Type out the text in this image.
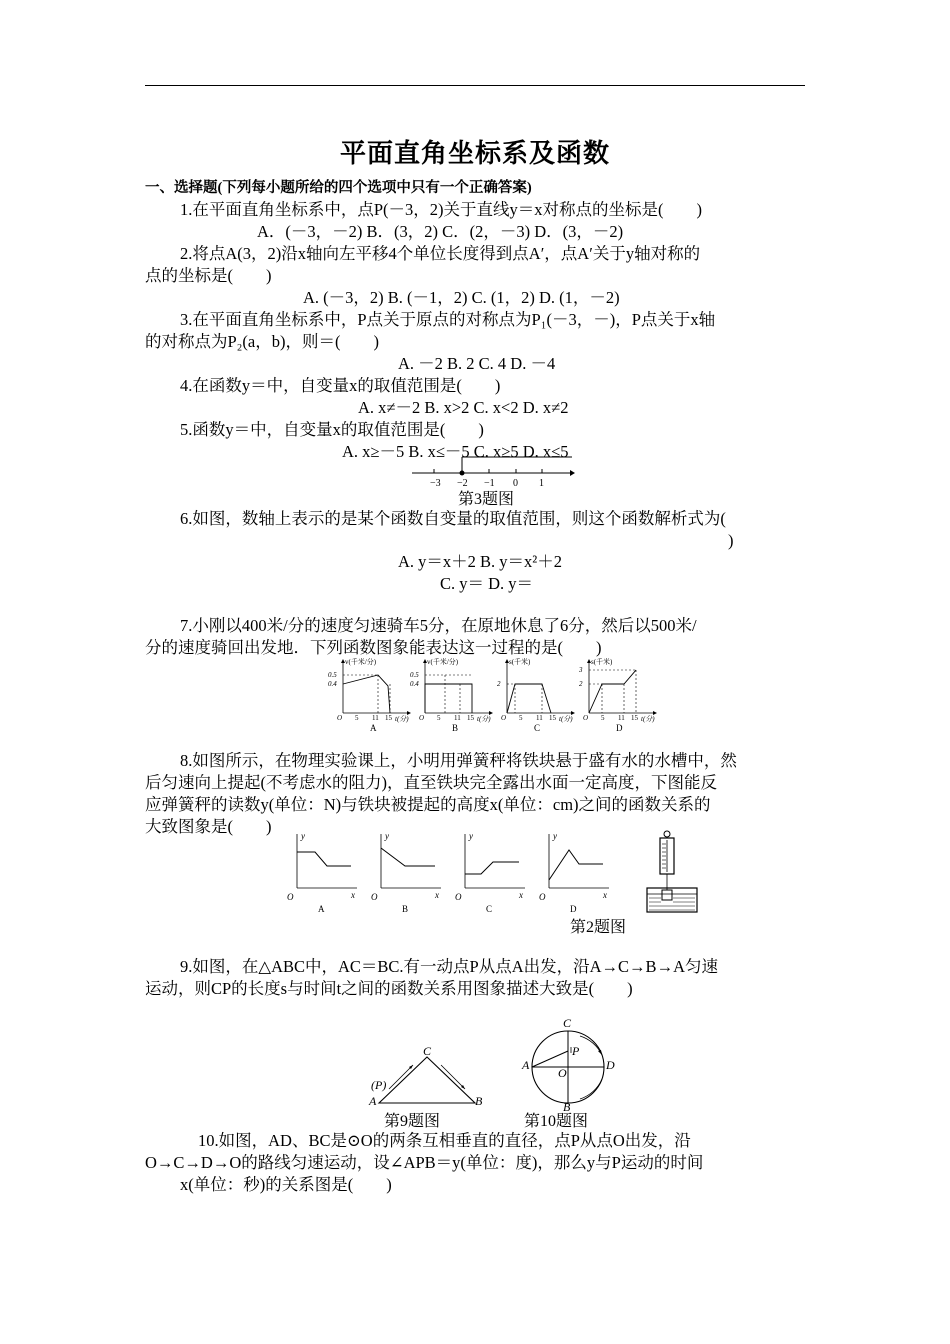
平面直角坐标系及函数
一、选择题(下列每小题所给的四个选项中只有一个正确答案)
1.在平面直角坐标系中，点P(－3，2)关于直线y＝x对称点的坐标是(　　)
A．(－3，－2) B．(3，2) C．(2，－3) D．(3，－2)
2.将点A(3，2)沿x轴向左平移4个单位长度得到点A′，点A′关于y轴对称的
点的坐标是(　　)
A. (－3，2) B. (－1，2) C. (1，2) D. (1，－2)
3.在平面直角坐标系中，P点关于原点的对称点为P₁(－3，－)，P点关于x轴
的对称点为P₂(a，b)，则＝(　　)
A. －2 B. 2 C. 4 D. －4
4.在函数y＝中，自变量x的取值范围是(　　)
A. x≠－2 B. x>2 C. x<2 D. x≠2
5.函数y＝中，自变量x的取值范围是(　　)
A. x≥－5 B. x≤－5 C. x≥5 D. x≤5
−3 −2 −1 0 1
第3题图
6.如图，数轴上表示的是某个函数自变量的取值范围，则这个函数解析式为(
)
A. y＝x＋2 B. y＝x²＋2
C. y＝ D. y＝
7.小刚以400米/分的速度匀速骑车5分，在原地休息了6分，然后以500米/
分的速度骑回出发地．下列函数图象能表达这一过程的是(　　)
v(千米/分)
0.5
0.4
O 5 11 15 t(分)
A
v(千米/分)
0.5
0.4
O 5 11 15 t(分)
B
s(千米)
2
O 5 11 15 t(分)
C
s(千米)
3
2
O 5 11 15 t(分)
D
8.如图所示，在物理实验课上，小明用弹簧秤将铁块悬于盛有水的水槽中，然
后匀速向上提起(不考虑水的阻力)，直至铁块完全露出水面一定高度，下图能反
应弹簧秤的读数y(单位：N)与铁块被提起的高度x(单位：cm)之间的函数关系的
大致图象是(　　)	y
x
O
A
y
x
O
B
y
x
O
C
y
x
O
D
第2题图
9.如图，在△ABC中，AC＝BC.有一动点P从点A出发，沿A→C→B→A匀速
运动，则CP的长度s与时间t之间的函数关系用图象描述大致是(　　)
(P)
A
C
B
第9题图
C
P
A	D
O
B
第10题图
10.如图，AD、BC是⊙O的两条互相垂直的直径，点P从点O出发，沿
O→C→D→O的路线匀速运动，设∠APB＝y(单位：度)，那么y与P运动的时间
x(单位：秒)的关系图是(　　)
